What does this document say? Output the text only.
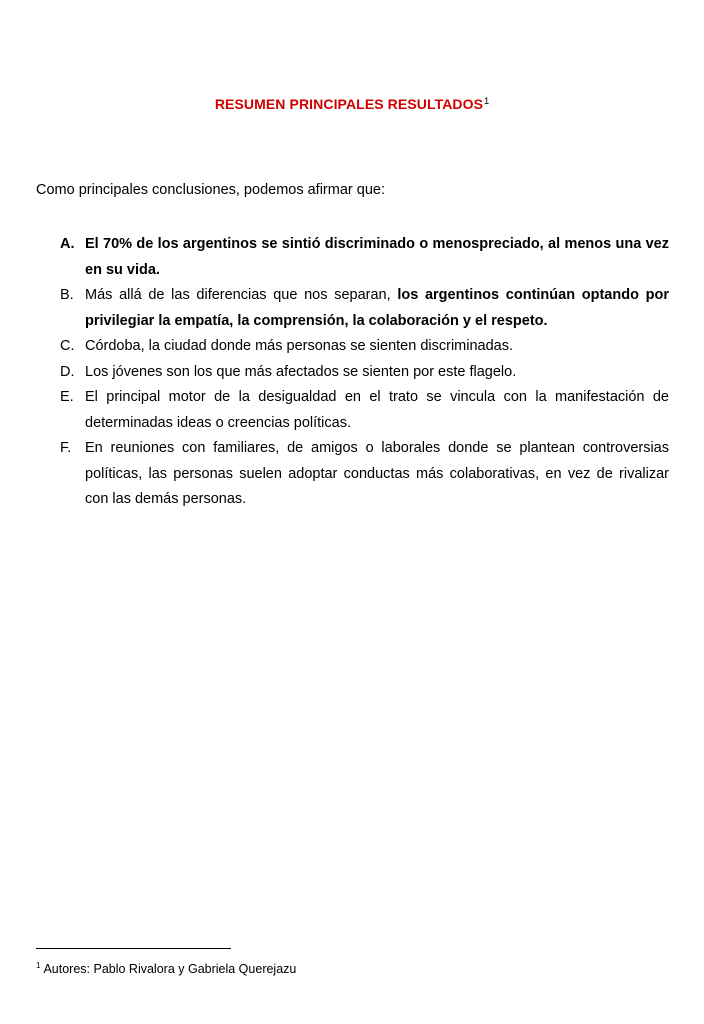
RESUMEN PRINCIPALES RESULTADOS$^1$
Como principales conclusiones, podemos afirmar que:
A. El 70% de los argentinos se sintió discriminado o menospreciado, al menos una vez en su vida.
B. Más allá de las diferencias que nos separan, los argentinos continúan optando por privilegiar la empatía, la comprensión, la colaboración y el respeto.
C. Córdoba, la ciudad donde más personas se sienten discriminadas.
D. Los jóvenes son los que más afectados se sienten por este flagelo.
E. El principal motor de la desigualdad en el trato se vincula con la manifestación de determinadas ideas o creencias políticas.
F. En reuniones con familiares, de amigos o laborales donde se plantean controversias políticas, las personas suelen adoptar conductas más colaborativas, en vez de rivalizar con las demás personas.
$^1$ Autores: Pablo Rivalora y Gabriela Querejazu
